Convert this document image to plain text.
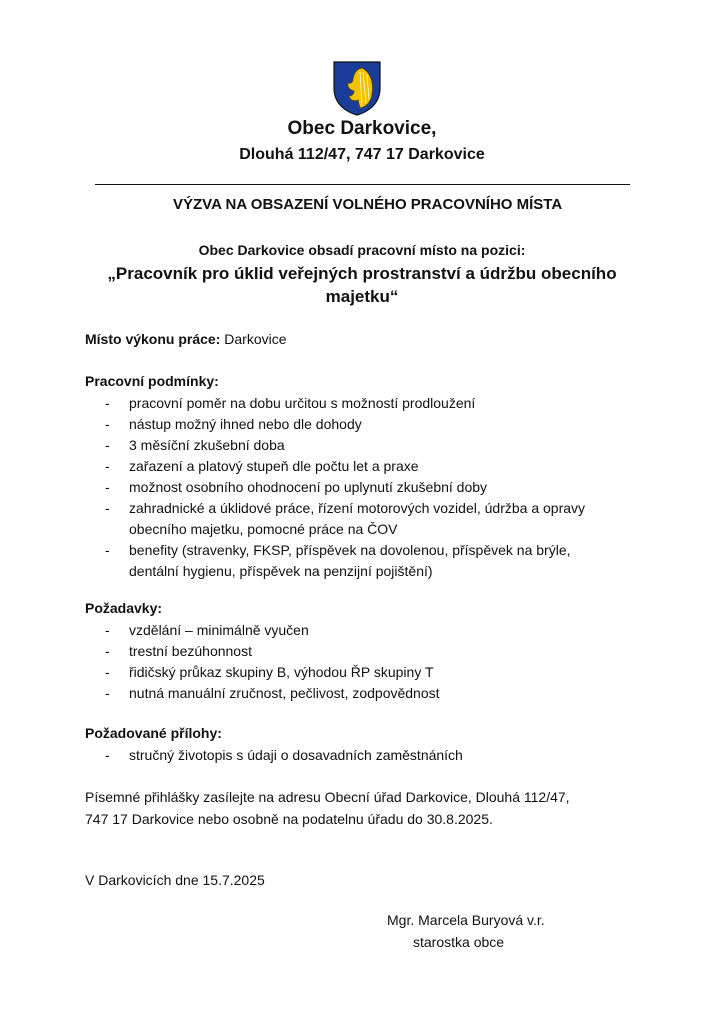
Obec Darkovice,
Dlouhá 112/47, 747 17 Darkovice
VÝZVA NA OBSAZENÍ VOLNÉHO PRACOVNÍHO MÍSTA
Obec Darkovice obsadí pracovní místo na pozici:
„Pracovník pro úklid veřejných prostranství a údržbu obecního majetku“
Místo výkonu práce: Darkovice
Pracovní podmínky:
- pracovní poměr na dobu určitou s možností prodloužení
- nástup možný ihned nebo dle dohody
- 3 měsíční zkušební doba
- zařazení a platový stupeň dle počtu let a praxe
- možnost osobního ohodnocení po uplynutí zkušební doby
- zahradnické a úklidové práce, řízení motorových vozidel, údržba a opravy
obecního majetku, pomocné práce na ČOV
- benefity (stravenky, FKSP, příspěvek na dovolenou, příspěvek na brýle,
dentální hygienu, příspěvek na penzijní pojištění)
Požadavky:
- vzdělání – minimálně vyučen
- trestní bezúhonnost
- řidičský průkaz skupiny B, výhodou ŘP skupiny T
- nutná manuální zručnost, pečlivost, zodpovědnost
Požadované přílohy:
- stručný životopis s údaji o dosavadních zaměstnáních
Písemné přihlášky zasílejte na adresu Obecní úřad Darkovice, Dlouhá 112/47,
747 17 Darkovice nebo osobně na podatelnu úřadu do 30.8.2025.
V Darkovicích dne 15.7.2025
Mgr. Marcela Buryová v.r.
starostka obce
